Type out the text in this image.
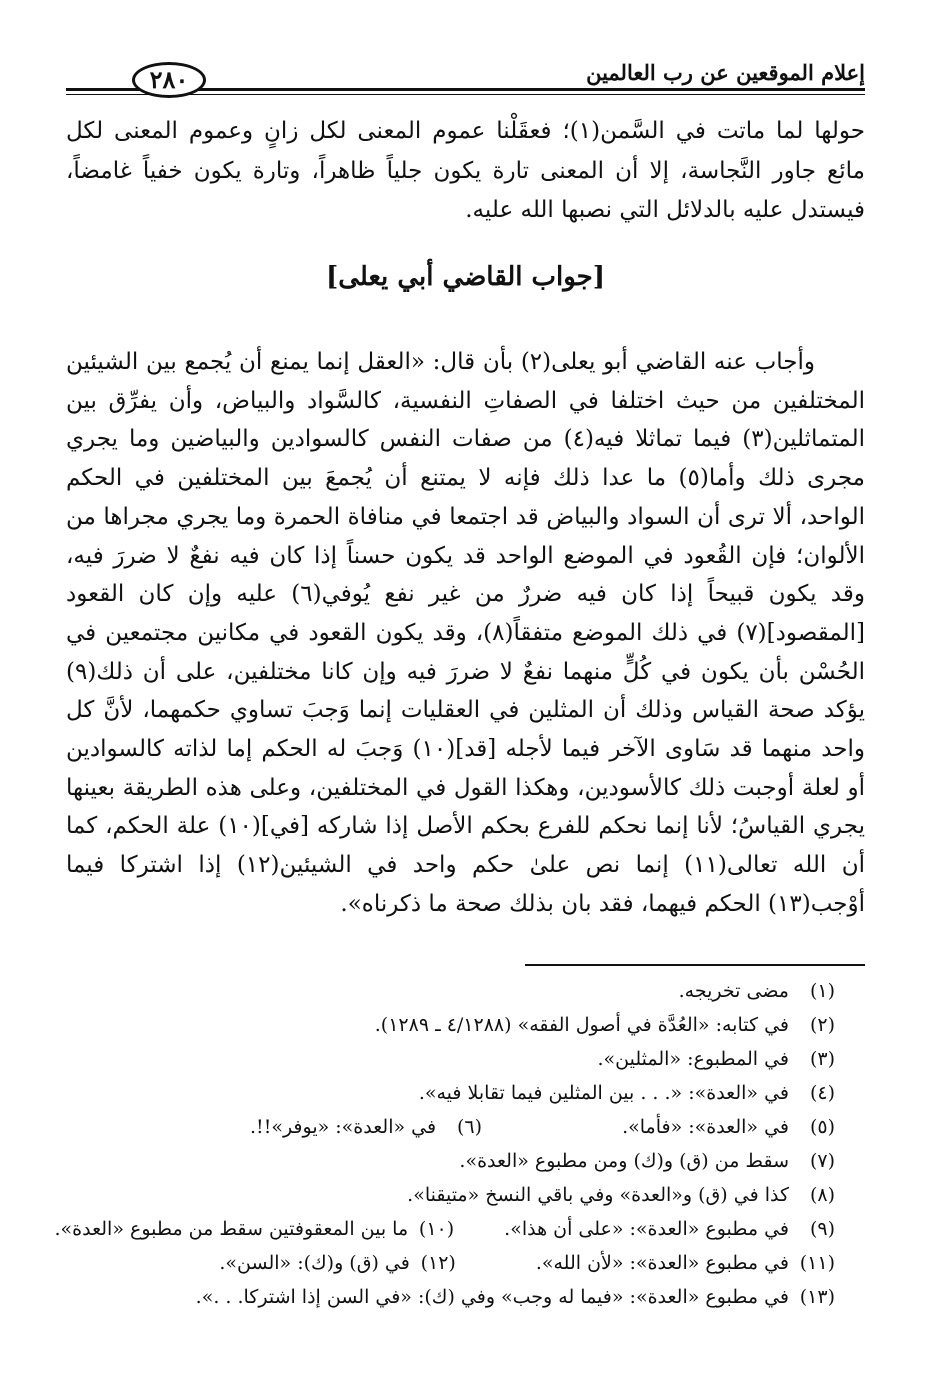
إعلام الموقعين عن رب العالمين
٢٨٠

حولها لما ماتت في السَّمن(١)؛ فعقَلْنا عموم المعنى لكل زانٍ وعموم المعنى لكل مائع جاور النَّجاسة، إلا أن المعنى تارة يكون جلياً ظاهراً، وتارة يكون خفياً غامضاً، فيستدل عليه بالدلائل التي نصبها الله عليه.

[جواب القاضي أبي يعلى]

وأجاب عنه القاضي أبو يعلى(٢) بأن قال: «العقل إنما يمنع أن يُجمع بين الشيئين المختلفين من حيث اختلفا في الصفاتِ النفسية، كالسَّواد والبياض، وأن يفرِّق بين المتماثلين(٣) فيما تماثلا فيه(٤) من صفات النفس كالسوادين والبياضين وما يجري مجرى ذلك وأما(٥) ما عدا ذلك فإنه لا يمتنع أن يُجمعَ بين المختلفين في الحكم الواحد، ألا ترى أن السواد والبياض قد اجتمعا في منافاة الحمرة وما يجري مجراها من الألوان؛ فإن القُعود في الموضع الواحد قد يكون حسناً إذا كان فيه نفعٌ لا ضررَ فيه، وقد يكون قبيحاً إذا كان فيه ضررٌ من غير نفع يُوفي(٦) عليه وإن كان القعود [المقصود](٧) في ذلك الموضع متفقاً(٨)، وقد يكون القعود في مكانين مجتمعين في الحُسْن بأن يكون في كُلٍّ منهما نفعٌ لا ضررَ فيه وإن كانا مختلفين، على أن ذلك(٩) يؤكد صحة القياس وذلك أن المثلين في العقليات إنما وَجبَ تساوي حكمهما، لأنَّ كل واحد منهما قد سَاوى الآخر فيما لأجله [قد](١٠) وَجبَ له الحكم إما لذاته كالسوادين أو لعلة أوجبت ذلك كالأسودين، وهكذا القول في المختلفين، وعلى هذه الطريقة بعينها يجري القياسُ؛ لأنا إنما نحكم للفرع بحكم الأصل إذا شاركه [في](١٠) علة الحكم، كما أن الله تعالى(١١) إنما نص علىٰ حكم واحد في الشيئين(١٢) إذا اشتركا فيما أوْجب(١٣) الحكم فيهما، فقد بان بذلك صحة ما ذكرناه».

(١)مضى تخريجه.
(٢)في كتابه: «العُدَّة في أصول الفقه» (٤/١٢٨٨ ـ ١٢٨٩).
(٣)في المطبوع: «المثلين».
(٤)في «العدة»: «. . . بين المثلين فيما تقابلا فيه».
(٥)في «العدة»: «فأما».(٦)في «العدة»: «يوفر»!!.
(٧)سقط من (ق) و(ك) ومن مطبوع «العدة».
(٨)كذا في (ق) و«العدة» وفي باقي النسخ «متيقنا».
(٩)في مطبوع «العدة»: «على أن هذا».(١٠)ما بين المعقوفتين سقط من مطبوع «العدة».
(١١)في مطبوع «العدة»: «لأن الله».(١٢)في (ق) و(ك): «السن».
(١٣)في مطبوع «العدة»: «فيما له وجب» وفي (ك): «في السن إذا اشتركا. . .».
